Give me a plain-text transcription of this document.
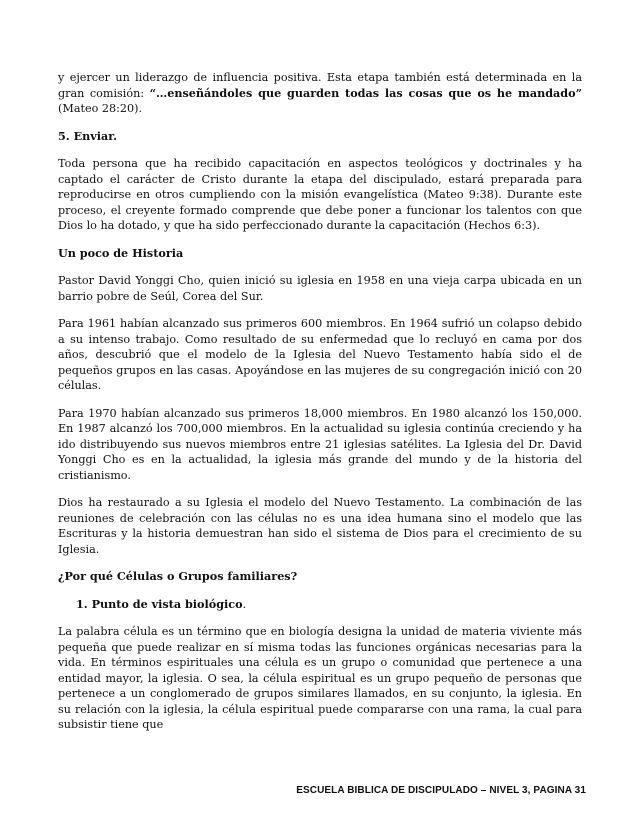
y ejercer un liderazgo de influencia positiva. Esta etapa también está determinada en la gran comisión: “…enseñándoles que guarden todas las cosas que os he mandado” (Mateo 28:20).

5. Enviar.

Toda persona que ha recibido capacitación en aspectos teológicos y doctrinales y ha captado el carácter de Cristo durante la etapa del discipulado, estará preparada para reproducirse en otros cumpliendo con la misión evangelística (Mateo 9:38). Durante este proceso, el creyente formado comprende que debe poner a funcionar los talentos con que Dios lo ha dotado, y que ha sido perfeccionado durante la capacitación (Hechos 6:3).

Un poco de Historia

Pastor David Yonggi Cho, quien inició su iglesia en 1958 en una vieja carpa ubicada en un barrio pobre de Seúl, Corea del Sur.

Para 1961 habían alcanzado sus primeros 600 miembros. En 1964 sufrió un colapso debido a su intenso trabajo. Como resultado de su enfermedad que lo recluyó en cama por dos años, descubrió que el modelo de la Iglesia del Nuevo Testamento había sido el de pequeños grupos en las casas. Apoyándose en las mujeres de su congregación inició con 20 células.

Para 1970 habían alcanzado sus primeros 18,000 miembros. En 1980 alcanzó los 150,000. En 1987 alcanzó los 700,000 miembros. En la actualidad su iglesia continúa creciendo y ha ido distribuyendo sus nuevos miembros entre 21 iglesias satélites. La Iglesia del Dr. David Yonggi Cho es en la actualidad, la iglesia más grande del mundo y de la historia del cristianismo.

Dios ha restaurado a su Iglesia el modelo del Nuevo Testamento. La combinación de las reuniones de celebración con las células no es una idea humana sino el modelo que las Escrituras y la historia demuestran han sido el sistema de Dios para el crecimiento de su Iglesia.

¿Por qué Células o Grupos familiares?
1. Punto de vista biológico.

La palabra célula es un término que en biología designa la unidad de materia viviente más pequeña que puede realizar en sí misma todas las funciones orgánicas necesarias para la vida. En términos espirituales una célula es un grupo o comunidad que pertenece a una entidad mayor, la iglesia. O sea, la célula espiritual es un grupo pequeño de personas que pertenece a un conglomerado de grupos similares llamados, en su conjunto, la iglesia. En su relación con la iglesia, la célula espiritual puede compararse con una rama, la cual para subsistir tiene que

ESCUELA BIBLICA DE DISCIPULADO – NIVEL 3, PAGINA 31
